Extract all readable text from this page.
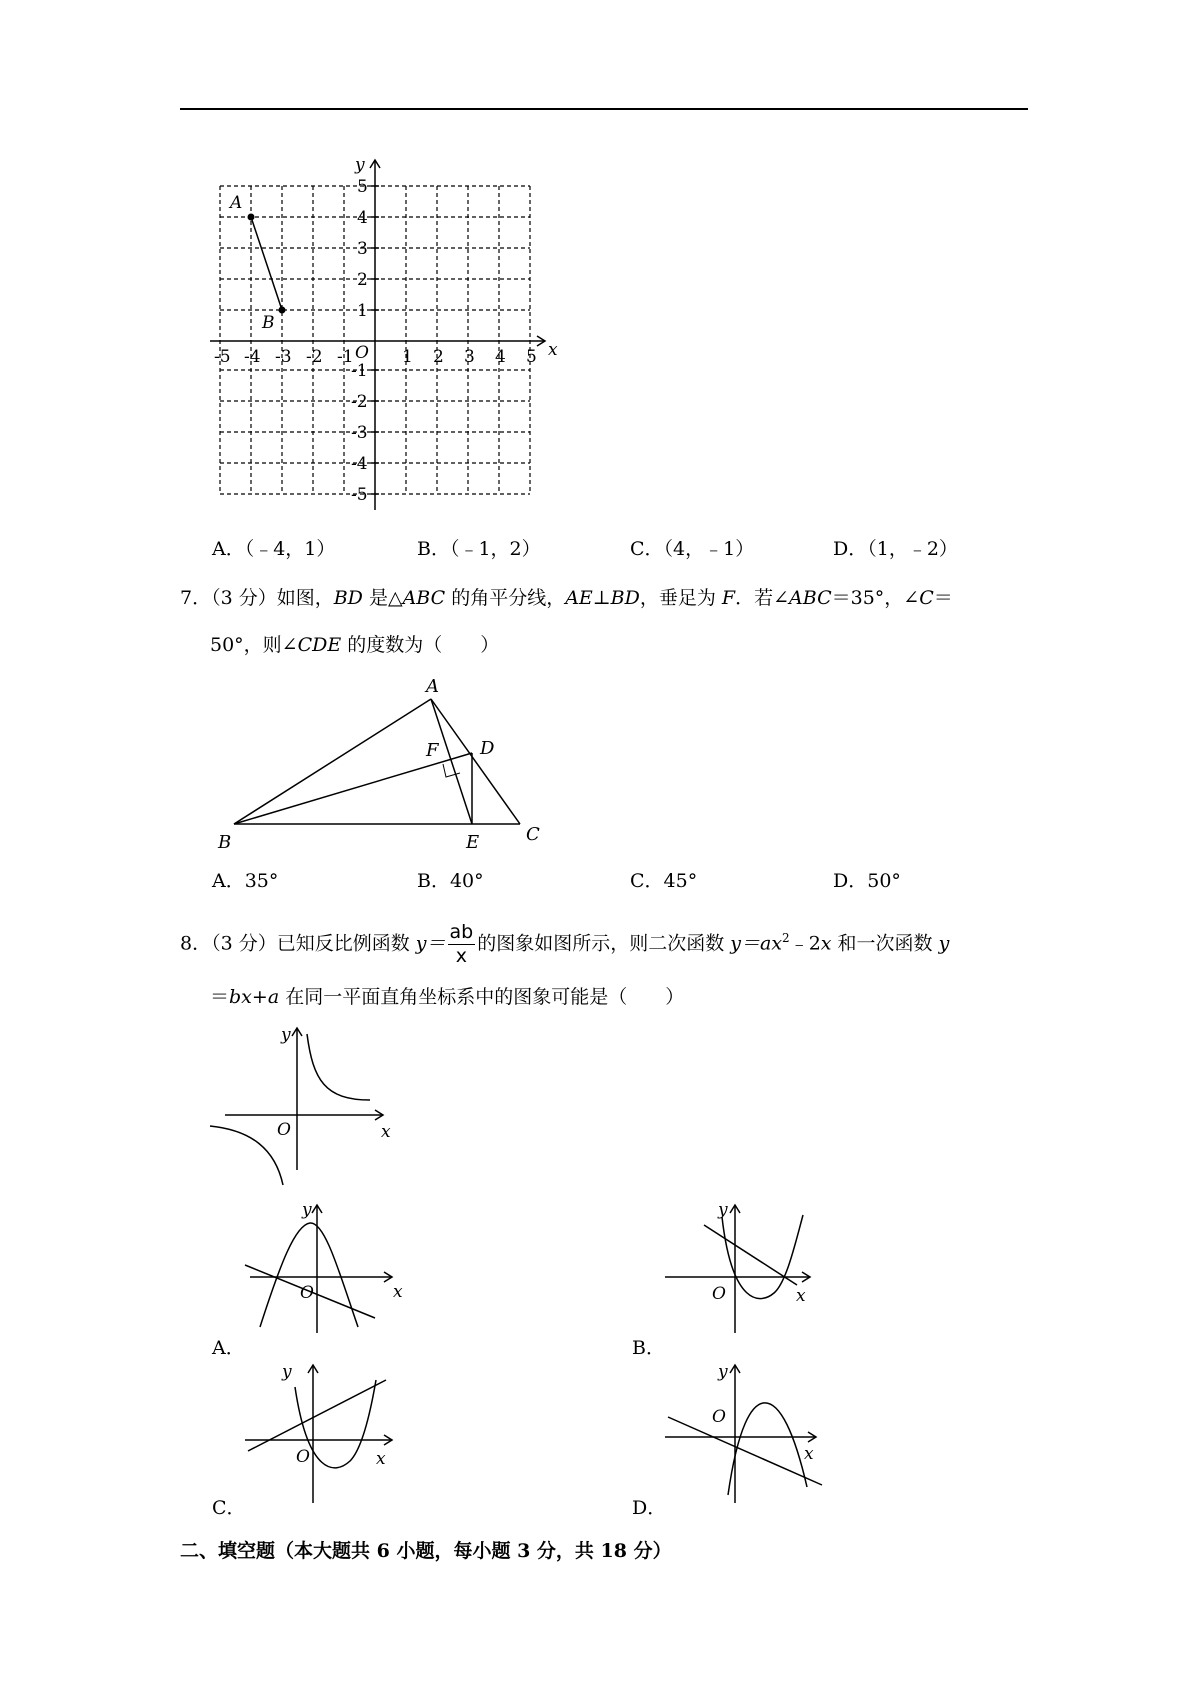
x
y
O
-5 -4 -3 -2 -1	1 2 3 4 5
5
4
3
2
1
-1
-2
-3
-4
-5
A
B
A．（﹣4，1）	B．（﹣1，2）	C．（4，﹣1）	D．（1，﹣2）
7．（3 分）如图，BD 是△ABC 的角平分线，AE⊥BD，垂足为 F．若∠ABC＝35°，∠C＝
50°，则∠CDE 的度数为（　　）
A
B	C
D
E
F
A．35°	B．40°	C．45°	D．50°
8．（3 分）已知反比例函数 $y= \frac{ab}{x}$ 的图象如图所示，则二次函数 $y=ax^2﹣2x$ 和一次函数 y
＝bx+a 在同一平面直角坐标系中的图象可能是（　　）
x
y
O
x
y
O
A．
x
y
O
B．
x
y
O
C．
x
y
O
D．
二、填空题（本大题共 6 小题，每小题 3 分，共 18 分）
